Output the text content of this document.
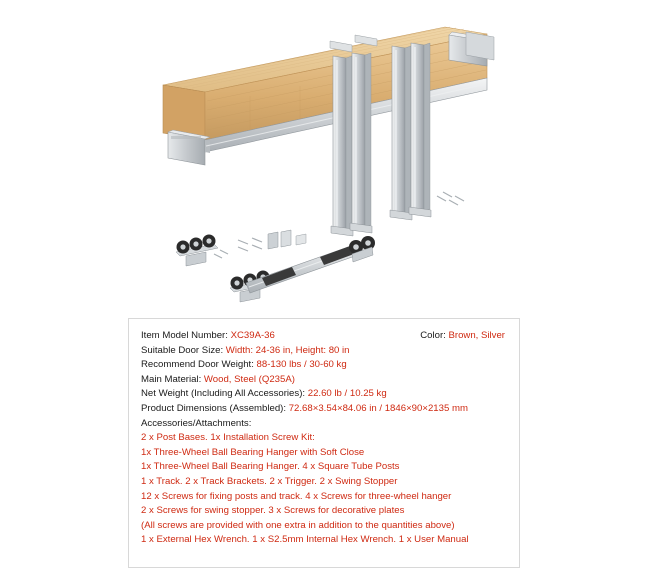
Item Model Number: XC39A-36	Color: Brown, Silver
Suitable Door Size: Width: 24-36 in, Height: 80 in
Recommend Door Weight: 88-130 lbs / 30-60 kg
Main Material: Wood, Steel (Q235A)
Net Weight (Including All Accessories): 22.60 lb / 10.25 kg
Product Dimensions (Assembled): 72.68×3.54×84.06 in / 1846×90×2135 mm
Accessories/Attachments:
2 x Post Bases. 1x Installation Screw Kit:
1x Three-Wheel Ball Bearing Hanger with Soft Close
1x Three-Wheel Ball Bearing Hanger. 4 x Square Tube Posts
1 x Track. 2 x Track Brackets. 2 x Trigger. 2 x Swing Stopper
12 x Screws for fixing posts and track. 4 x Screws for three-wheel hanger
2 x Screws for swing stopper. 3 x Screws for decorative plates
(All screws are provided with one extra in addition to the quantities above)
1 x External Hex Wrench. 1 x S2.5mm Internal Hex Wrench. 1 x User Manual
